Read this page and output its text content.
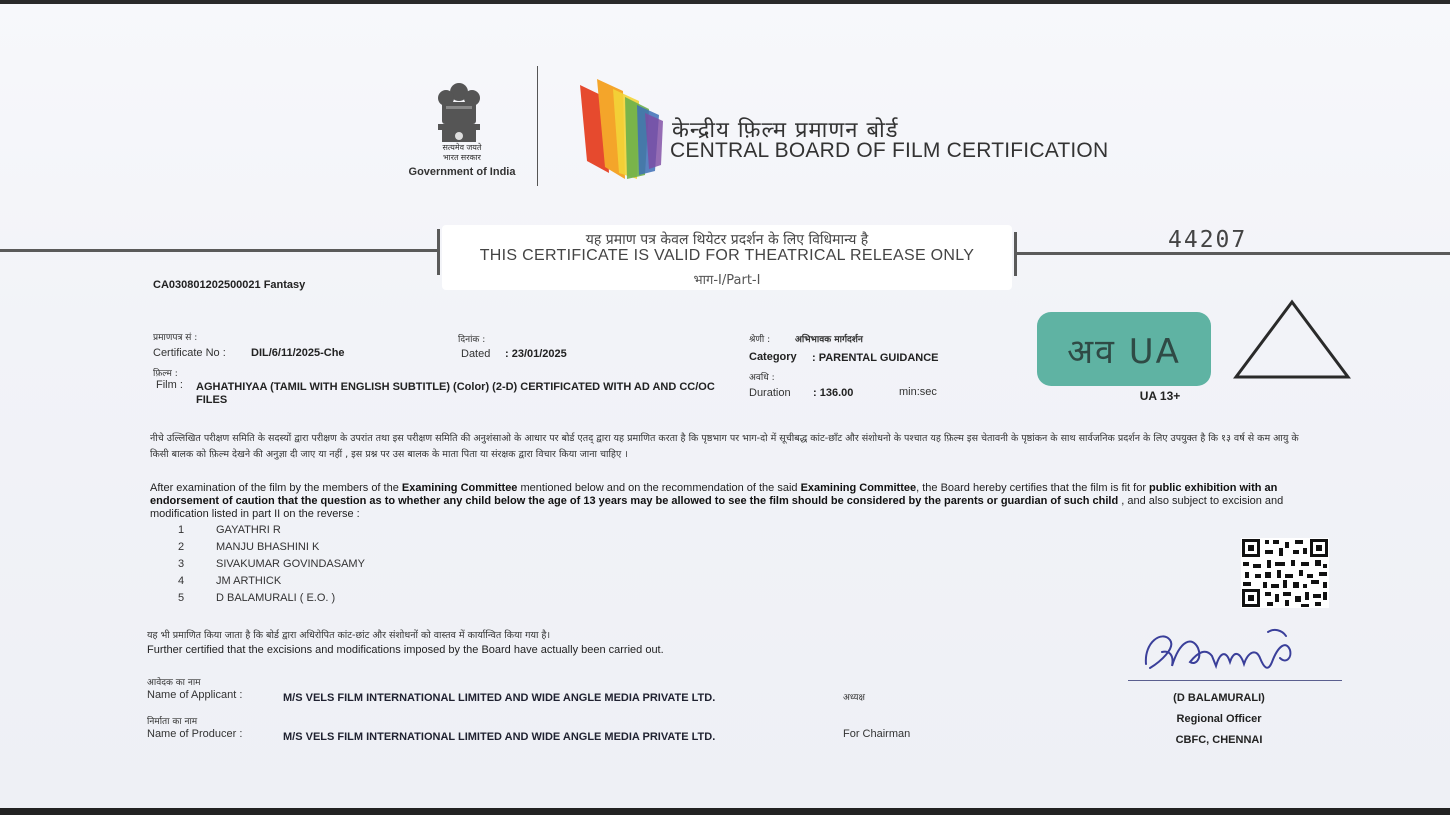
सत्यमेव जयते
भारत सरकार
Government of India
केन्द्रीय फ़िल्म प्रमाणन बोर्ड
CENTRAL BOARD OF FILM CERTIFICATION
यह प्रमाण पत्र केवल थियेटर प्रदर्शन के लिए विधिमान्य है
THIS CERTIFICATE IS VALID FOR THEATRICAL RELEASE ONLY
भाग-I/Part-I
44207
CA030801202500021 Fantasy
प्रमाणपत्र सं :
Certificate No : DIL/6/11/2025-Che
दिनांक :
Dated : 23/01/2025
श्रेणी :	अभिभावक मार्गदर्शन
Category : PARENTAL GUIDANCE
फ़िल्म :
Film : AGHATHIYAA (TAMIL WITH ENGLISH SUBTITLE) (Color) (2-D) CERTIFICATED WITH AD AND CC/OC FILES
अवधि :
Duration : 136.00	min:sec
अव UA
UA 13+
नीचे उल्लिखित परीक्षण समिति के सदस्यों द्वारा परीक्षण के उपरांत तथा इस परीक्षण समिति की अनुशंसाओ के आधार पर बोर्ड एतद् द्वारा यह प्रमाणित करता है कि पृष्ठभाग पर भाग-दो में सूचीबद्ध कांट-छाँट और संशोधनो के पश्चात यह फ़िल्म इस चेतावनी के पृष्ठांकन के साथ सार्वजनिक प्रदर्शन के लिए उपयुक्त है कि १३ वर्ष से कम आयु के किसी बालक को फ़िल्म देखने की अनुज्ञा दी जाए या नहीं , इस प्रश्न पर उस बालक के माता पिता या संरक्षक द्वारा विचार किया जाना चाहिए ।
After examination of the film by the members of the Examining Committee mentioned below and on the recommendation of the said Examining Committee, the Board hereby certifies that the film is fit for public exhibition with an endorsement of caution that the question as to whether any child below the age of 13 years may be allowed to see the film should be considered by the parents or guardian of such child , and also subject to excision and modification listed in part II on the reverse :
1	GAYATHRI R
2	MANJU BHASHINI K
3	SIVAKUMAR GOVINDASAMY
4	JM ARTHICK
5	D BALAMURALI ( E.O. )
यह भी प्रमाणित किया जाता है कि बोर्ड द्वारा अधिरोपित कांट-छांट और संशोधनों को वास्तव में कार्यान्वित किया गया है।
Further certified that the excisions and modifications imposed by the Board have actually been carried out.
आवेदक का नाम
Name of Applicant :	M/S VELS FILM INTERNATIONAL LIMITED AND WIDE ANGLE MEDIA PRIVATE LTD.
निर्माता का नाम
Name of Producer :	M/S VELS FILM INTERNATIONAL LIMITED AND WIDE ANGLE MEDIA PRIVATE LTD.
अध्यक्ष
For Chairman
(D BALAMURALI)
Regional Officer
CBFC, CHENNAI
